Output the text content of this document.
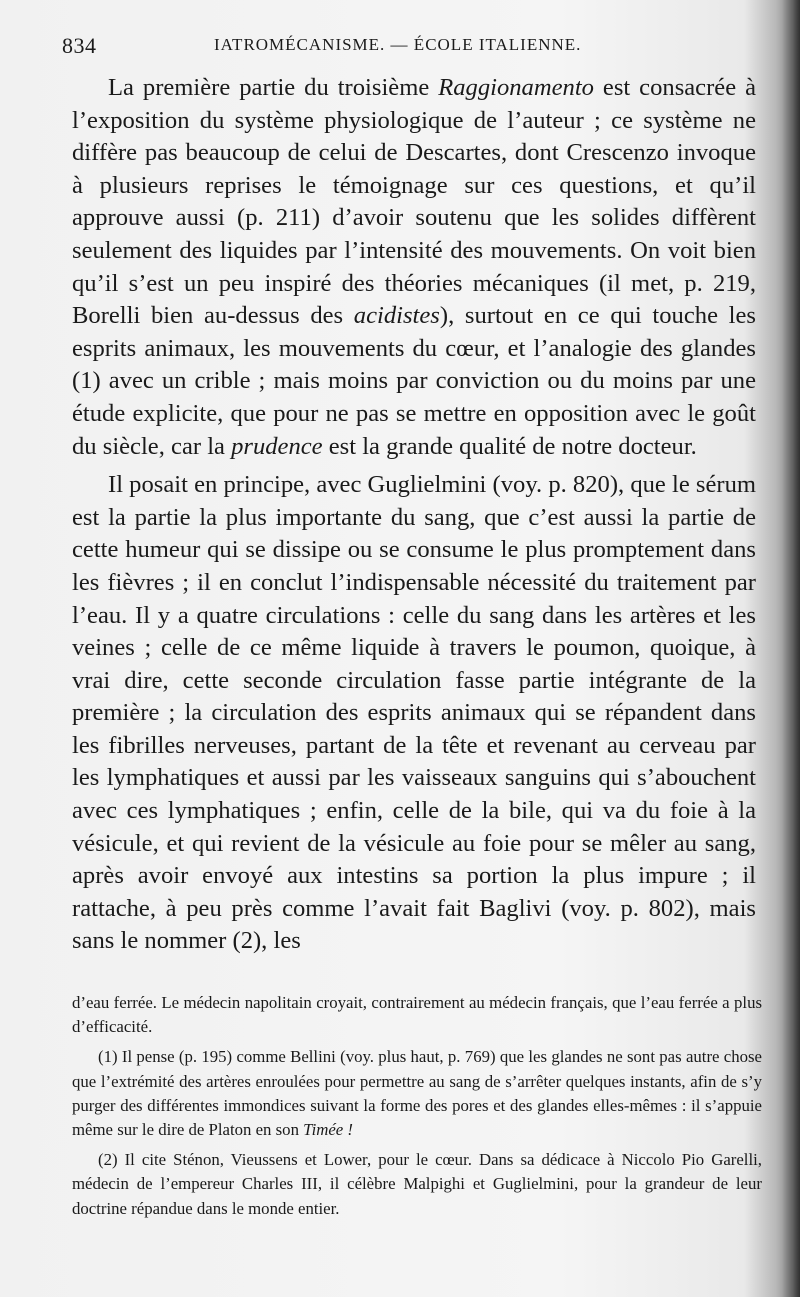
834	IATROMÉCANISME. — ÉCOLE ITALIENNE.

La première partie du troisième Raggionamento est consacrée à l’exposition du système physiologique de l’auteur ; ce système ne diffère pas beaucoup de celui de Descartes, dont Crescenzo invoque à plusieurs reprises le témoignage sur ces questions, et qu’il approuve aussi (p. 211) d’avoir soutenu que les solides diffèrent seulement des liquides par l’intensité des mouvements. On voit bien qu’il s’est un peu inspiré des théories mécaniques (il met, p. 219, Borelli bien au-dessus des acidistes), surtout en ce qui touche les esprits animaux, les mouvements du cœur, et l’analogie des glandes (1) avec un crible ; mais moins par conviction ou du moins par une étude explicite, que pour ne pas se mettre en opposition avec le goût du siècle, car la prudence est la grande qualité de notre docteur.

Il posait en principe, avec Guglielmini (voy. p. 820), que le sérum est la partie la plus importante du sang, que c’est aussi la partie de cette humeur qui se dissipe ou se consume le plus promptement dans les fièvres ; il en conclut l’indispensable nécessité du traitement par l’eau. Il y a quatre circulations : celle du sang dans les artères et les veines ; celle de ce même liquide à travers le poumon, quoique, à vrai dire, cette seconde circulation fasse partie intégrante de la première ; la circulation des esprits animaux qui se répandent dans les fibrilles nerveuses, partant de la tête et revenant au cerveau par les lymphatiques et aussi par les vaisseaux sanguins qui s’abouchent avec ces lymphatiques ; enfin, celle de la bile, qui va du foie à la vésicule, et qui revient de la vésicule au foie pour se mêler au sang, après avoir envoyé aux intestins sa portion la plus impure ; il rattache, à peu près comme l’avait fait Baglivi (voy. p. 802), mais sans le nommer (2), les

d’eau ferrée. Le médecin napolitain croyait, contrairement au médecin français, que l’eau ferrée a plus d’efficacité.

(1) Il pense (p. 195) comme Bellini (voy. plus haut, p. 769) que les glandes ne sont pas autre chose que l’extrémité des artères enroulées pour permettre au sang de s’arrêter quelques instants, afin de s’y purger des différentes immondices suivant la forme des pores et des glandes elles-mêmes : il s’appuie même sur le dire de Platon en son Timée !

(2) Il cite Sténon, Vieussens et Lower, pour le cœur. Dans sa dédicace à Niccolo Pio Garelli, médecin de l’empereur Charles III, il célèbre Malpighi et Guglielmini, pour la grandeur de leur doctrine répandue dans le monde entier.
